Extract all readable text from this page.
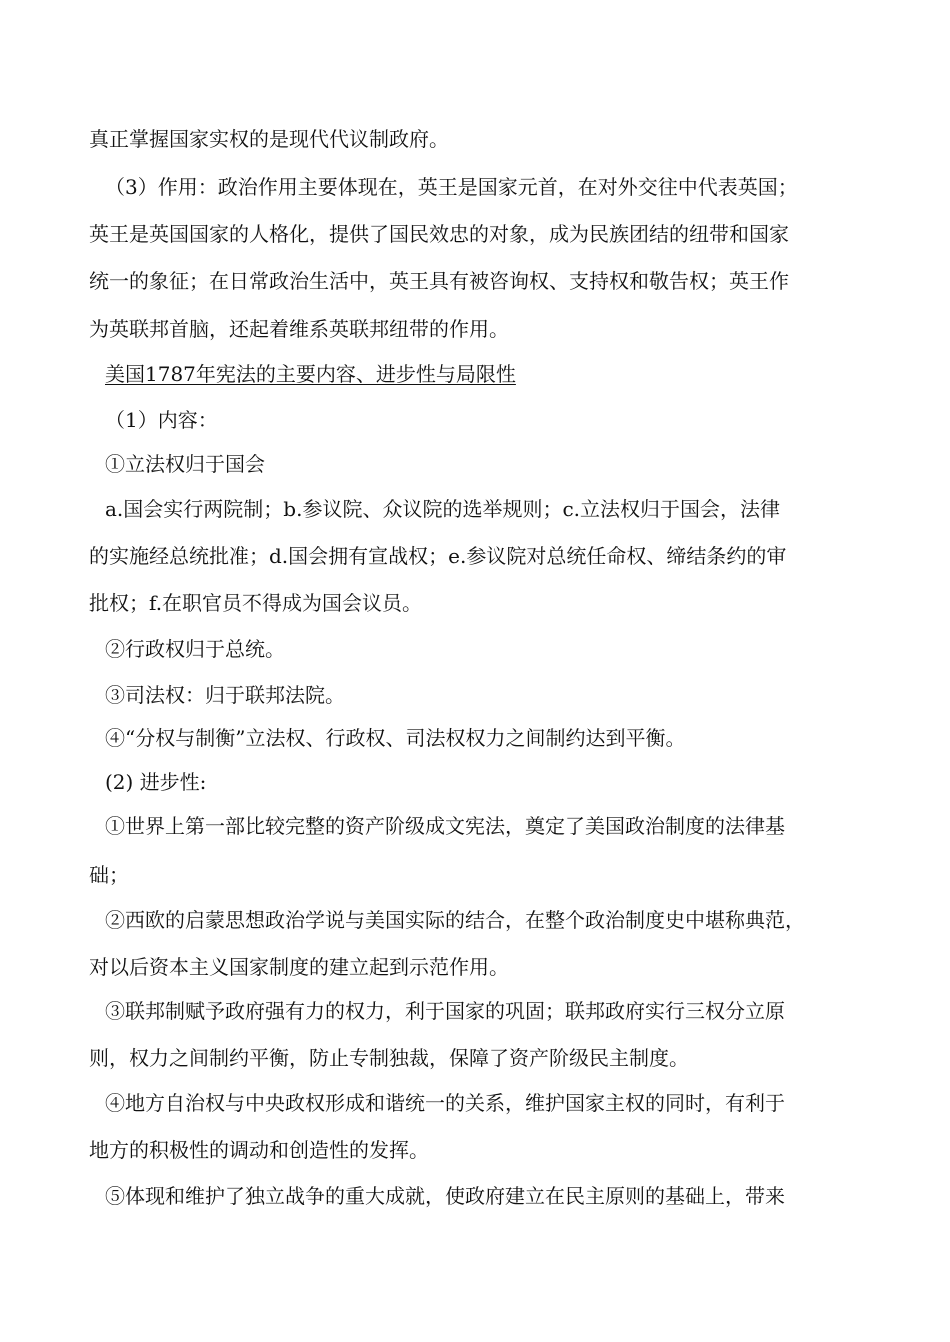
真正掌握国家实权的是现代代议制政府。
（3）作用：政治作用主要体现在，英王是国家元首，在对外交往中代表英国；
英王是英国国家的人格化，提供了国民效忠的对象，成为民族团结的纽带和国家
统一的象征；在日常政治生活中，英王具有被咨询权、支持权和敬告权；英王作
为英联邦首脑，还起着维系英联邦纽带的作用。
美国1787年宪法的主要内容、进步性与局限性
（1）内容：
①立法权归于国会
a.国会实行两院制；b.参议院、众议院的选举规则；c.立法权归于国会，法律
的实施经总统批准；d.国会拥有宣战权；e.参议院对总统任命权、缔结条约的审
批权；f.在职官员不得成为国会议员。
②行政权归于总统。
③司法权：归于联邦法院。
④“分权与制衡”立法权、行政权、司法权权力之间制约达到平衡。
(2) 进步性:
①世界上第一部比较完整的资产阶级成文宪法，奠定了美国政治制度的法律基
础；
②西欧的启蒙思想政治学说与美国实际的结合，在整个政治制度史中堪称典范，
对以后资本主义国家制度的建立起到示范作用。
③联邦制赋予政府强有力的权力，利于国家的巩固；联邦政府实行三权分立原
则，权力之间制约平衡，防止专制独裁，保障了资产阶级民主制度。
④地方自治权与中央政权形成和谐统一的关系，维护国家主权的同时，有利于
地方的积极性的调动和创造性的发挥。
⑤体现和维护了独立战争的重大成就，使政府建立在民主原则的基础上，带来
